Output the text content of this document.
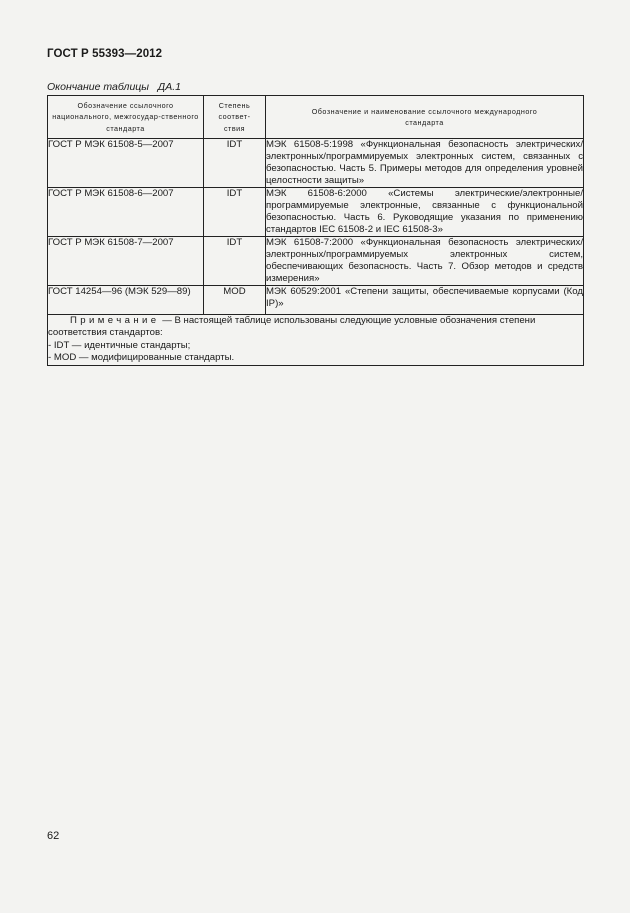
ГОСТ Р 55393—2012
Окончание таблицы ДА.1
Обозначение ссылочного национального, межгосудар-ственного стандарта	Степень соответ-ствия	Обозначение и наименование ссылочного международного стандарта

ГОСТ Р МЭК 61508-5—2007	IDT	МЭК 61508-5:1998 «Функциональная безопасность электрических/электронных/программируемых электронных систем, связанных с безопасностью. Часть 5. Примеры методов для определения уровней целостности защиты»
ГОСТ Р МЭК 61508-6—2007	IDT	МЭК 61508-6:2000 «Системы электрические/электронные/программируемые электронные, связанные с функциональной безопасностью. Часть 6. Руководящие указания по применению стандартов IEC 61508-2 и IEC 61508-3»
ГОСТ Р МЭК 61508-7—2007	IDT	МЭК 61508-7:2000 «Функциональная безопасность электрических/электронных/программируемых электронных систем, обеспечивающих безопасность. Часть 7. Обзор методов и средств измерения»
ГОСТ 14254—96 (МЭК 529—89)	MOD	МЭК 60529:2001 «Степени защиты, обеспечиваемые корпусами (Код IP)»
Примечание — В настоящей таблице использованы следующие условные обозначения степени соответствия стандартов:
- IDT — идентичные стандарты;
- MOD — модифицированные стандарты.		
62
